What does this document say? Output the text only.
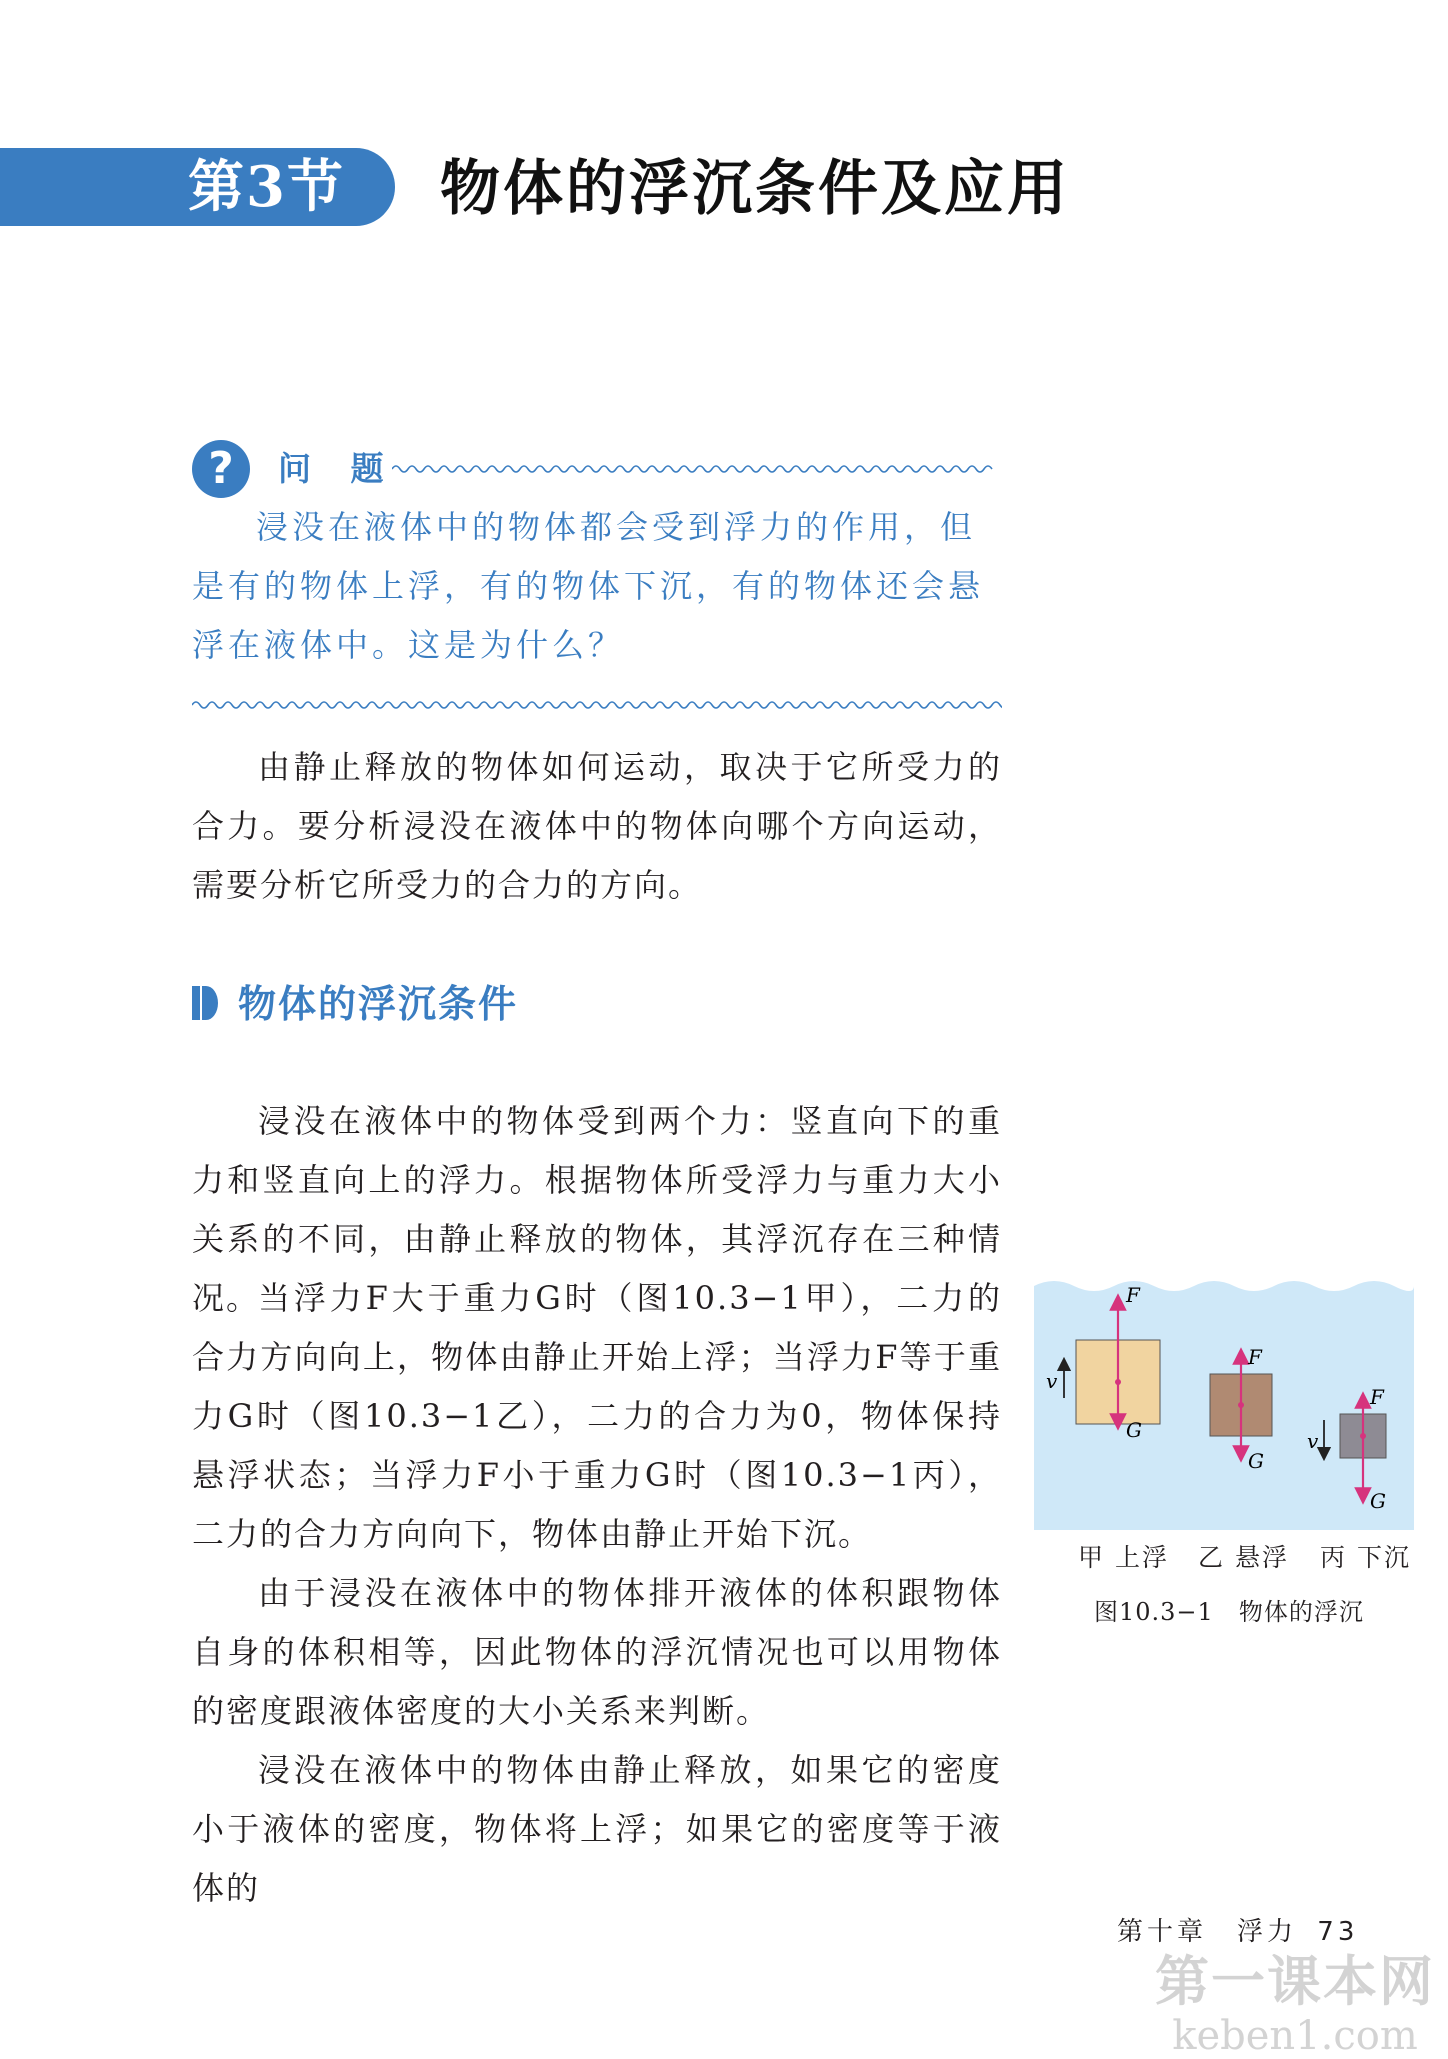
第3节 物体的浮沉条件及应用
?	问 题

浸没在液体中的物体都会受到浮力的作用，但是有的物体上浮，有的物体下沉，有的物体还会悬浮在液体中。这是为什么？

由静止释放的物体如何运动，取决于它所受力的合力。要分析浸没在液体中的物体向哪个方向运动，需要分析它所受力的合力的方向。

物体的浮沉条件

浸没在液体中的物体受到两个力：竖直向下的重力和竖直向上的浮力。根据物体所受浮力与重力大小关系的不同，由静止释放的物体，其浮沉存在三种情况。

当浮力F大于重力G时（图10.3−1甲），二力的合力方向向上，物体由静止开始上浮；当浮力F等于重力G时（图10.3−1乙），二力的合力为0，物体保持悬浮状态；当浮力F小于重力G时（图10.3−1丙），二力的合力方向向下，物体由静止开始下沉。

由于浸没在液体中的物体排开液体的体积跟物体自身的体积相等，因此物体的浮沉情况也可以用物体的密度跟液体密度的大小关系来判断。

浸没在液体中的物体由静止释放，如果它的密度小于液体的密度，物体将上浮；如果它的密度等于液体的

F
G
v
F
G
F
G
v
甲 上浮 乙 悬浮 丙 下沉
图10.3−1　物体的浮沉
第十章　浮力 73
第一课本网
keben1.com
